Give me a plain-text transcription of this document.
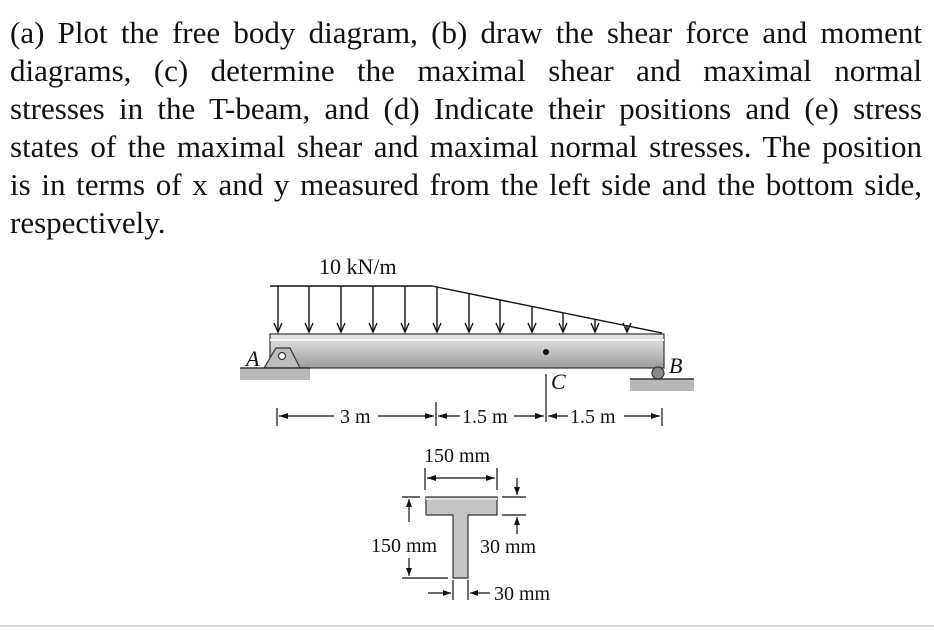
(a) Plot the free body diagram, (b) draw the shear force and moment
diagrams, (c) determine the maximal shear and maximal normal
stresses in the T-beam, and (d) Indicate their positions and (e) stress
states of the maximal shear and maximal normal stresses. The position
is in terms of x and y measured from the left side and the bottom side,
respectively.
10 kN/m
A	B
C
3 m	1.5 m	1.5 m
150 mm
30 mm
150 mm
30 mm
